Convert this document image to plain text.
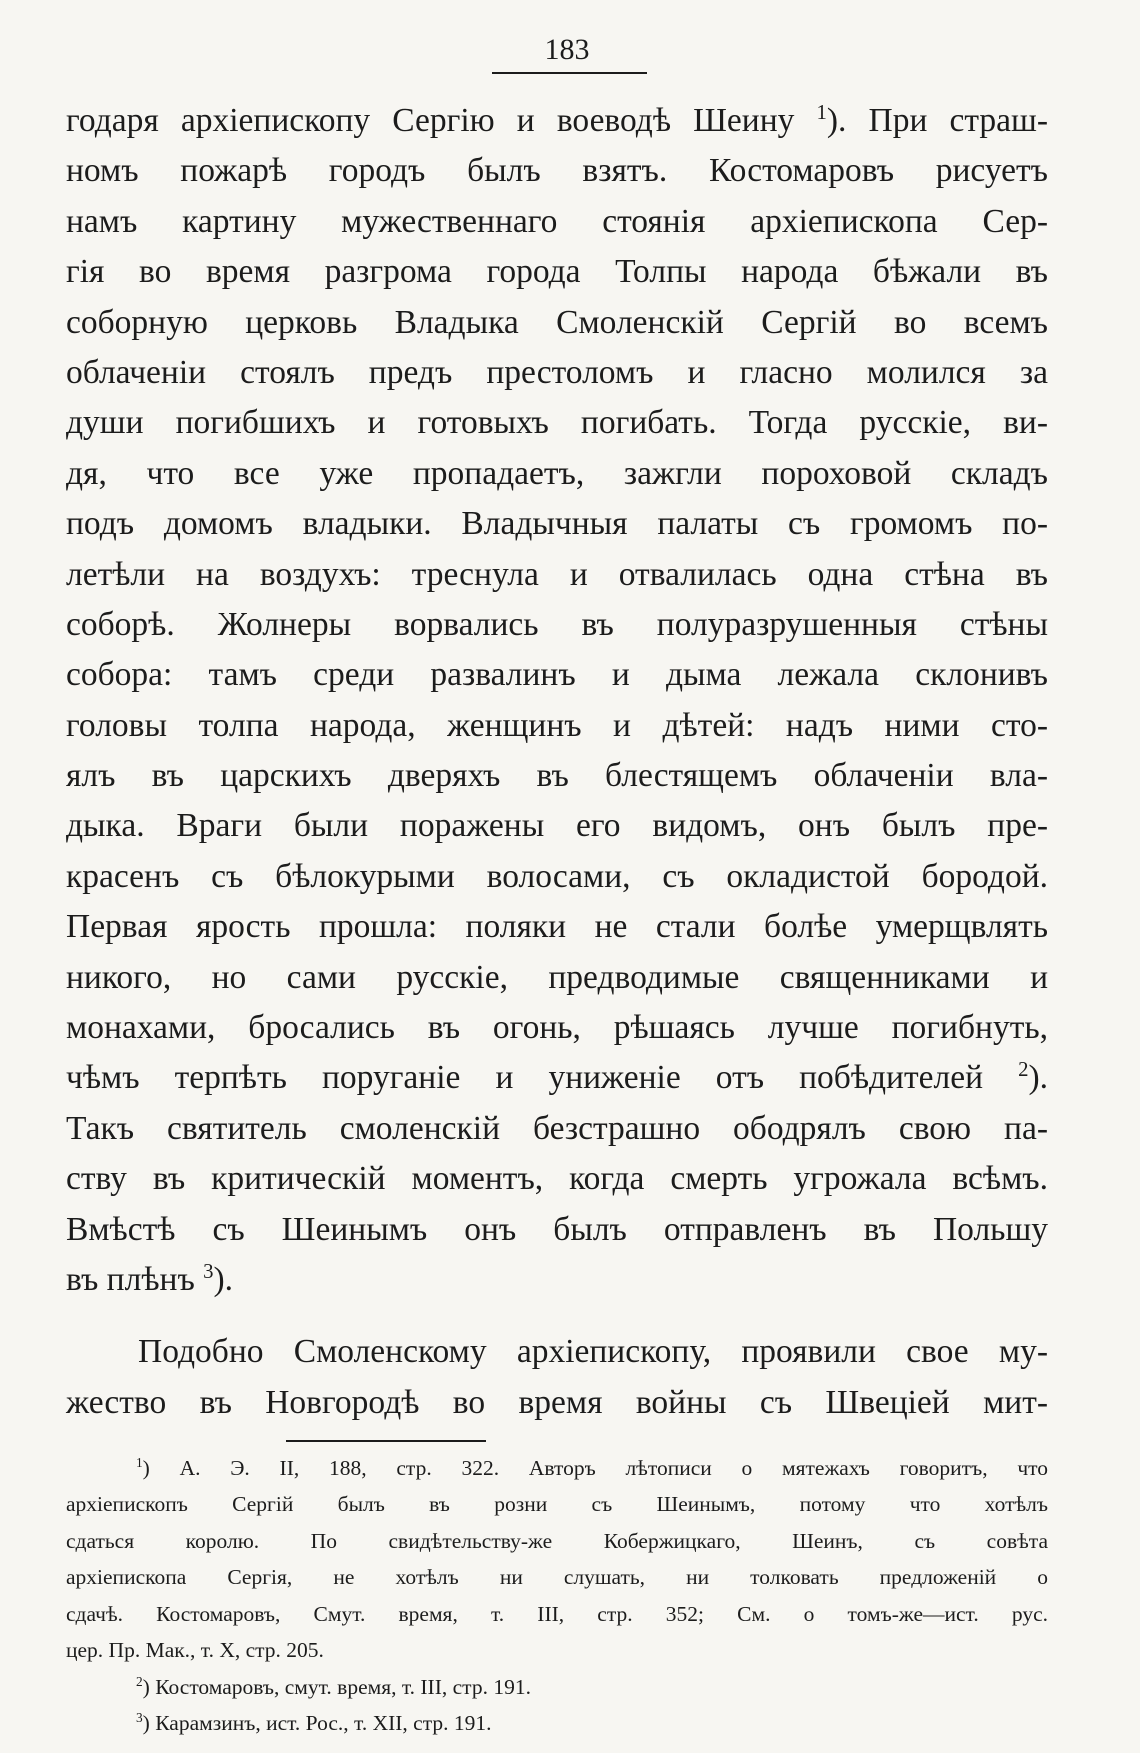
183
годаря архіепископу Сергію и воеводѣ Шеину $^1$). При страш-
номъ пожарѣ городъ былъ взятъ. Костомаровъ рисуетъ
намъ картину мужественнаго стоянія архіепископа Сер-
гія во время разгрома города Толпы народа бѣжали въ
соборную церковь Владыка Смоленскій Сергій во всемъ
облаченіи стоялъ предъ престоломъ и гласно молился за
души погибшихъ и готовыхъ погибать. Тогда русскіе, ви-
дя, что все уже пропадаетъ, зажгли пороховой складъ
подъ домомъ владыки. Владычныя палаты съ громомъ по-
летѣли на воздухъ: треснула и отвалилась одна стѣна въ
соборѣ. Жолнеры ворвались въ полуразрушенныя стѣны
собора: тамъ среди развалинъ и дыма лежала склонивъ
головы толпа народа, женщинъ и дѣтей: надъ ними сто-
ялъ въ царскихъ дверяхъ въ блестящемъ облаченіи вла-
дыка. Враги были поражены его видомъ, онъ былъ пре-
красенъ съ бѣлокурыми волосами, съ окладистой бородой.
Первая ярость прошла: поляки не стали болѣе умерщвлять
никого, но сами русскіе, предводимые священниками и
монахами, бросались въ огонь, рѣшаясь лучше погибнуть,
чѣмъ терпѣть поруганіе и униженіе отъ побѣдителей $^2$).
Такъ святитель смоленскій безстрашно ободрялъ свою па-
ству въ критическій моментъ, когда смерть угрожала всѣмъ.
Вмѣстѣ съ Шеинымъ онъ былъ отправленъ въ Польшу
въ плѣнъ $^3$).
Подобно Смоленскому архіепископу, проявили свое му-
жество въ Новгородѣ во время войны съ Швеціей мит-
$^1$) А. Э. II, 188, стр. 322. Авторъ лѣтописи о мятежахъ говоритъ, что
архіепископъ Сергій былъ въ розни съ Шеинымъ, потому что хотѣлъ
сдаться королю. По свидѣтельству-же Кобержицкаго, Шеинъ, съ совѣта
архіепископа Сергія, не хотѣлъ ни слушать, ни толковать предложеній о
сдачѣ. Костомаровъ, Смут. время, т. III, стр. 352; См. о томъ-же—ист. рус.
цер. Пр. Мак., т. X, стр. 205.
$^2$) Костомаровъ, смут. время, т. III, стр. 191.
$^3$) Карамзинъ, ист. Рос., т. XII, стр. 191.
